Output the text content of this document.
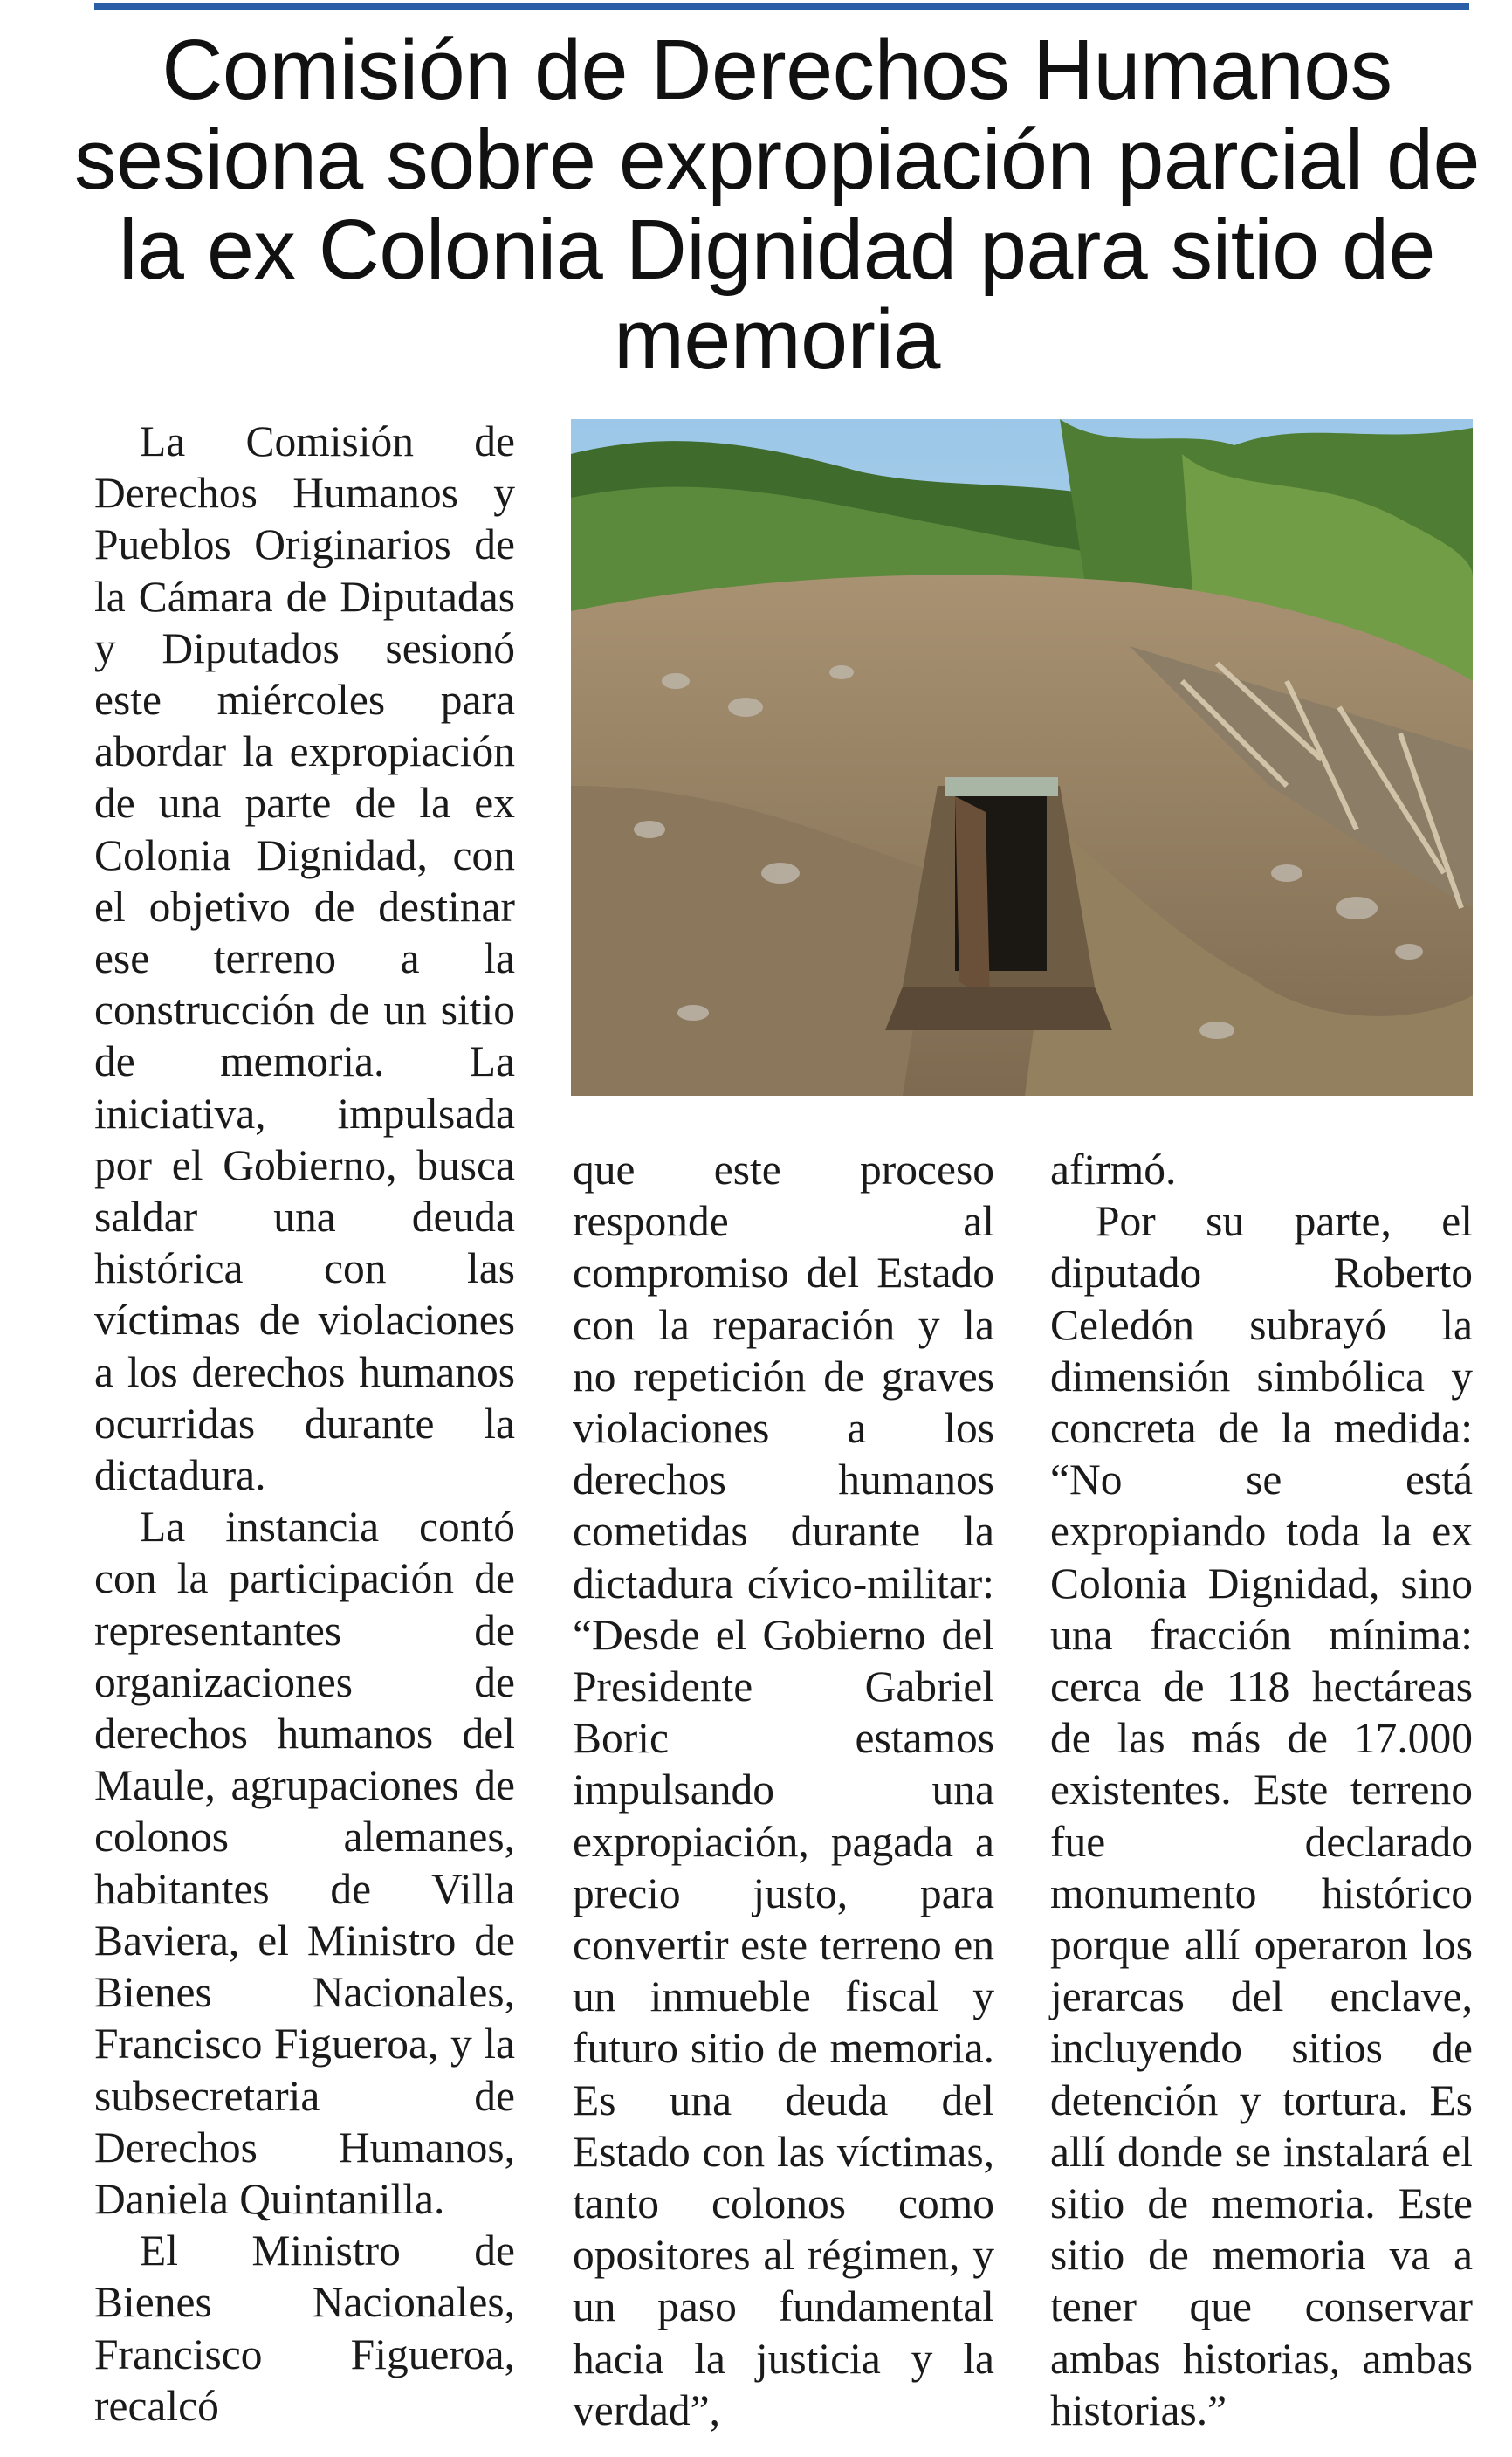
Comisión de Derechos Humanos sesiona sobre expropiación parcial de la ex Colonia Dignidad para sitio de memoria

La Comisión de Derechos Humanos y Pueblos Originarios de la Cámara de Diputadas y Diputados sesionó este miércoles para abordar la expropiación de una parte de la ex Colonia Dignidad, con el objetivo de destinar ese terreno a la construcción de un sitio de memoria. La iniciativa, impulsada por el Gobierno, busca saldar una deuda histórica con las víctimas de violaciones a los derechos humanos ocurridas durante la dictadura.

La instancia contó con la participación de representantes de organizaciones de derechos humanos del Maule, agrupaciones de colonos alemanes, habitantes de Villa Baviera, el Ministro de Bienes Nacionales, Francisco Figueroa, y la subsecretaria de Derechos Humanos, Daniela Quintanilla.

El Ministro de Bienes Nacionales, Francisco Figueroa, recalcó

que este proceso responde al compromiso del Estado con la reparación y la no repetición de graves violaciones a los derechos humanos cometidas durante la dictadura cívico-militar: “Desde el Gobierno del Presidente Gabriel Boric estamos impulsando una expropiación, pagada a precio justo, para convertir este terreno en un inmueble fiscal y futuro sitio de memoria. Es una deuda del Estado con las víctimas, tanto colonos como opositores al régimen, y un paso fundamental hacia la justicia y la verdad”,

afirmó.

Por su parte, el diputado Roberto Celedón subrayó la dimensión simbólica y concreta de la medida: “No se está expropiando toda la ex Colonia Dignidad, sino una fracción mínima: cerca de 118 hectáreas de las más de 17.000 existentes. Este terreno fue declarado monumento histórico porque allí operaron los jerarcas del enclave, incluyendo sitios de detención y tortura. Es allí donde se instalará el sitio de memoria. Este sitio de memoria va a tener que conservar ambas historias, ambas historias.”
